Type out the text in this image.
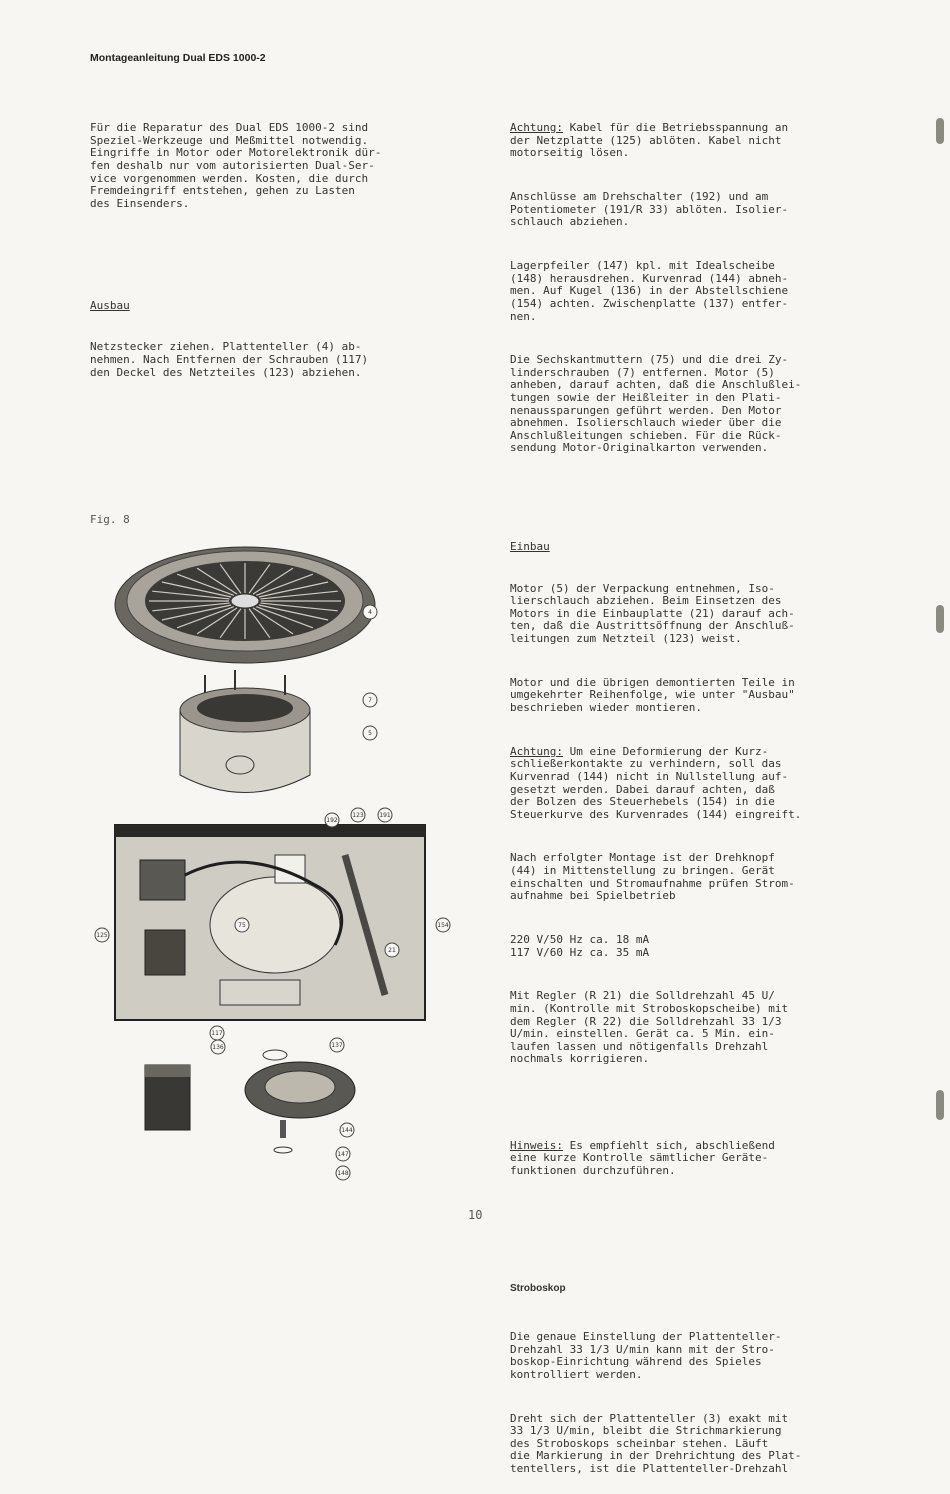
Montageanleitung Dual EDS 1000-2

Für die Reparatur des Dual EDS 1000-2 sind
Speziel-Werkzeuge und Meßmittel notwendig.
Eingriffe in Motor oder Motorelektronik dür-
fen deshalb nur vom autorisierten Dual-Ser-
vice vorgenommen werden. Kosten, die durch
Fremdeingriff entstehen, gehen zu Lasten
des Einsenders.

Ausbau

Netzstecker ziehen. Plattenteller (4) ab-
nehmen. Nach Entfernen der Schrauben (117)
den Deckel des Netzteiles (123) abziehen.

Fig. 8

Achtung: Kabel für die Betriebsspannung an
der Netzplatte (125) ablöten. Kabel nicht
motorseitig lösen.

Anschlüsse am Drehschalter (192) und am
Potentiometer (191/R 33) ablöten. Isolier-
schlauch abziehen.

Lagerpfeiler (147) kpl. mit Idealscheibe
(148) herausdrehen. Kurvenrad (144) abneh-
men. Auf Kugel (136) in der Abstellschiene
(154) achten. Zwischenplatte (137) entfer-
nen.

Die Sechskantmuttern (75) und die drei Zy-
linderschrauben (7) entfernen. Motor (5)
anheben, darauf achten, daß die Anschlußlei-
tungen sowie der Heißleiter in den Plati-
nenaussparungen geführt werden. Den Motor
abnehmen. Isolierschlauch wieder über die
Anschlußleitungen schieben. Für die Rück-
sendung Motor-Originalkarton verwenden.

Einbau

Motor (5) der Verpackung entnehmen, Iso-
lierschlauch abziehen. Beim Einsetzen des
Motors in die Einbauplatte (21) darauf ach-
ten, daß die Austrittsöffnung der Anschluß-
leitungen zum Netzteil (123) weist.

Motor und die übrigen demontierten Teile in
umgekehrter Reihenfolge, wie unter "Ausbau"
beschrieben wieder montieren.

Achtung: Um eine Deformierung der Kurz-
schließerkontakte zu verhindern, soll das
Kurvenrad (144) nicht in Nullstellung auf-
gesetzt werden. Dabei darauf achten, daß
der Bolzen des Steuerhebels (154) in die
Steuerkurve des Kurvenrades (144) eingreift.

Nach erfolgter Montage ist der Drehknopf
(44) in Mittenstellung zu bringen. Gerät
einschalten und Stromaufnahme prüfen Strom-
aufnahme bei Spielbetrieb

220 V/50 Hz ca. 18 mA
117 V/60 Hz ca. 35 mA

Mit Regler (R 21) die Solldrehzahl 45 U/
min. (Kontrolle mit Stroboskopscheibe) mit
dem Regler (R 22) die Solldrehzahl 33 1/3
U/min. einstellen. Gerät ca. 5 Min. ein-
laufen lassen und nötigenfalls Drehzahl
nochmals korrigieren.

Hinweis: Es empfiehlt sich, abschließend
eine kurze Kontrolle sämtlicher Geräte-
funktionen durchzuführen.

Stroboskop

Die genaue Einstellung der Plattenteller-
Drehzahl 33 1/3 U/min kann mit der Stro-
boskop-Einrichtung während des Spieles
kontrolliert werden.

Dreht sich der Plattenteller (3) exakt mit
33 1/3 U/min, bleibt die Strichmarkierung
des Stroboskops scheinbar stehen. Läuft
die Markierung in der Drehrichtung des Plat-
tentellers, ist die Plattenteller-Drehzahl

4
7
5
192
123	191
125
75	154
21
117
136	137
144
147
148
10
